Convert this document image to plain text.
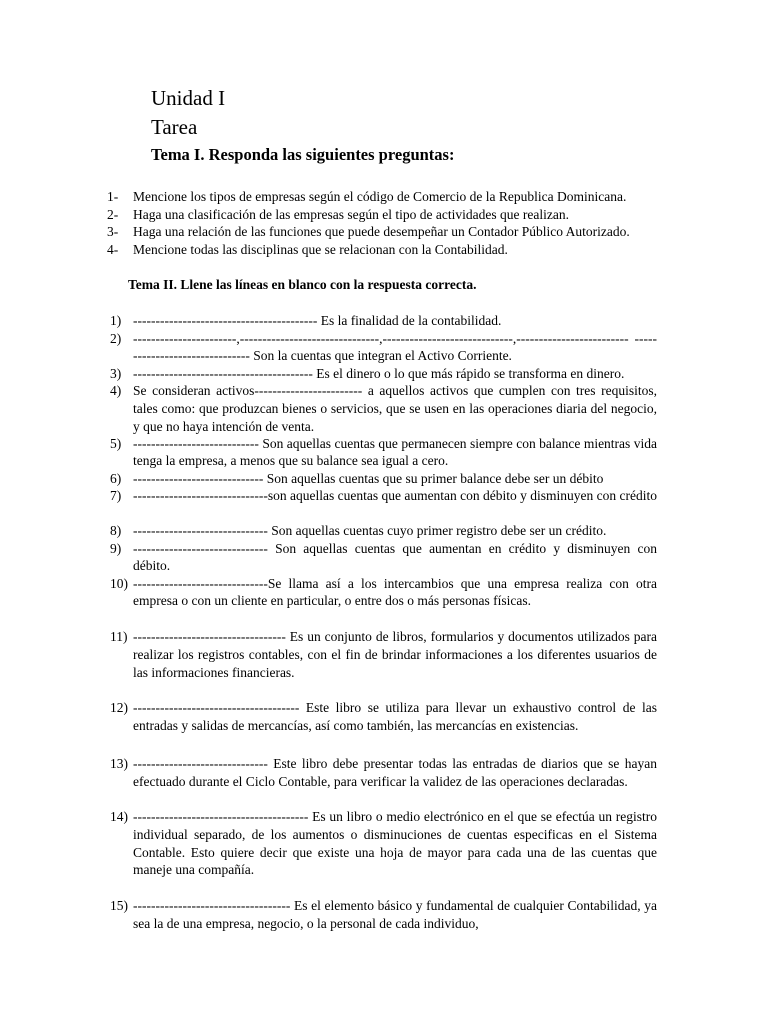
Unidad I
Tarea
Tema I. Responda las siguientes preguntas:
1-	Mencione los tipos de empresas según el código de Comercio de la Republica Dominicana.
2-	Haga una clasificación de las empresas según el tipo de actividades que realizan.
3-	Haga una relación de las funciones que puede desempeñar un Contador Público Autorizado.
4-	Mencione todas las disciplinas que se relacionan con la Contabilidad.
Tema II. Llene las líneas en blanco con la respuesta correcta.
1) ----------------------------------------- Es la finalidad de la contabilidad.
2) -----------------------,-------------------------------,-----------------------------,------------------------- ------------------------------- Son la cuentas que integran el Activo Corriente.
3) ---------------------------------------- Es el dinero o lo que más rápido se transforma en dinero.
4) Se consideran activos------------------------ a aquellos activos que cumplen con tres requisitos, tales como: que produzcan bienes o servicios, que se usen en las operaciones diaria del negocio, y que no haya intención de venta.
5) ---------------------------- Son aquellas cuentas que permanecen siempre con balance mientras vida tenga la empresa, a menos que su balance sea igual a cero.
6) ----------------------------- Son aquellas cuentas que su primer balance debe ser un débito
7) ------------------------------son aquellas cuentas que aumentan con débito y disminuyen con crédito
8) ------------------------------ Son aquellas cuentas cuyo primer registro debe ser un crédito.
9) ------------------------------ Son aquellas cuentas que aumentan en crédito y disminuyen con débito.
10) ------------------------------Se llama así a los intercambios que una empresa realiza con otra empresa o con un cliente en particular, o entre dos o más personas físicas.
11) ---------------------------------- Es un conjunto de libros, formularios y documentos utilizados para realizar los registros contables, con el fin de brindar informaciones a los diferentes usuarios de las informaciones financieras.
12) ------------------------------------- Este libro se utiliza para llevar un exhaustivo control de las entradas y salidas de mercancías, así como también, las mercancías en existencias.
13) ------------------------------ Este libro debe presentar todas las entradas de diarios que se hayan efectuado durante el Ciclo Contable, para verificar la validez de las operaciones declaradas.
14) --------------------------------------- Es un libro o medio electrónico en el que se efectúa un registro individual separado, de los aumentos o disminuciones de cuentas especificas en el Sistema Contable. Esto quiere decir que existe una hoja de mayor para cada una de las cuentas que maneje una compañía.
15) ----------------------------------- Es el elemento básico y fundamental de cualquier Contabilidad, ya sea la de una empresa, negocio, o la personal de cada individuo,
